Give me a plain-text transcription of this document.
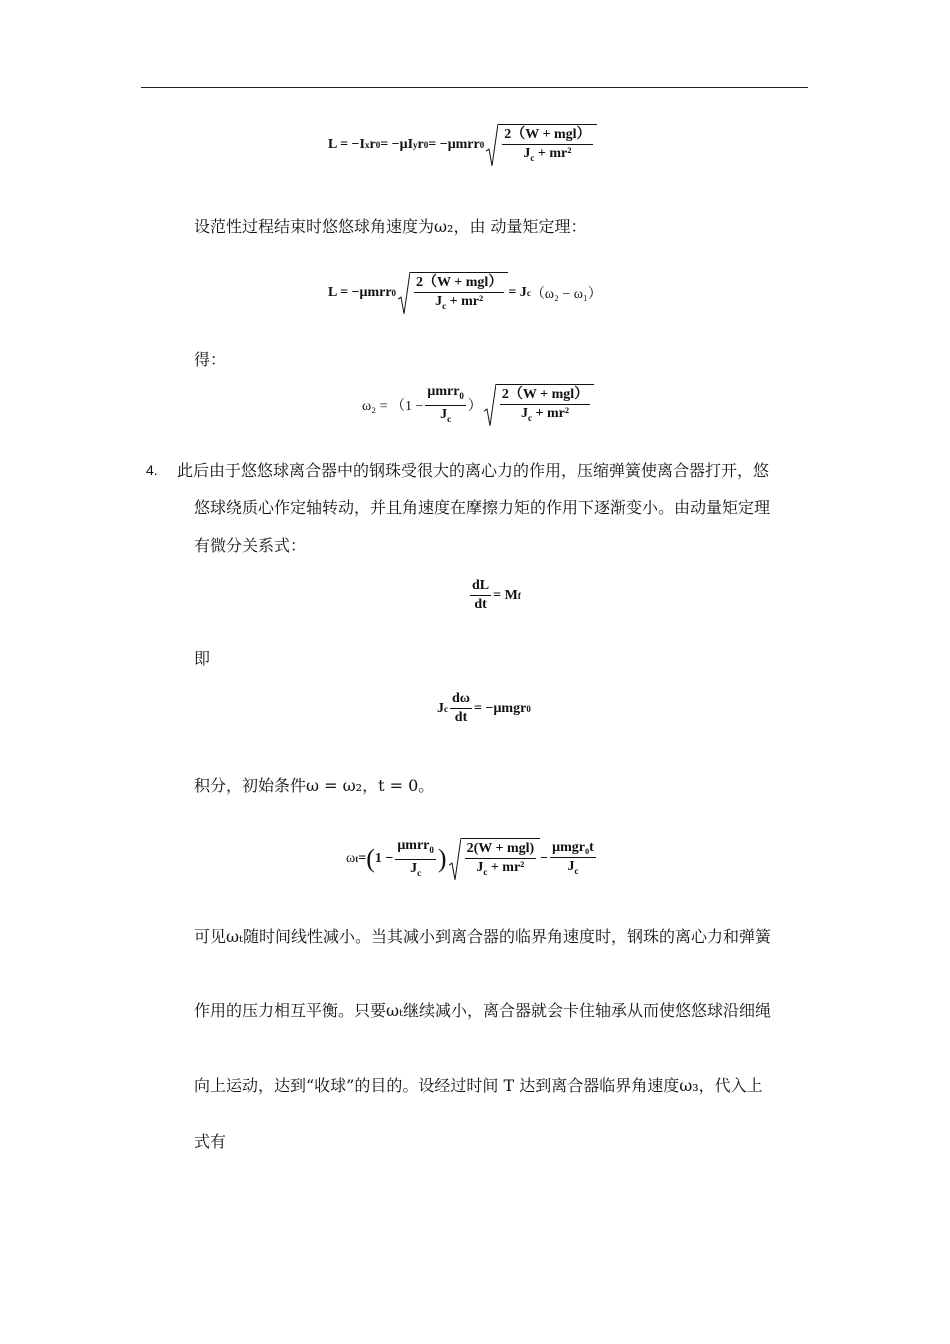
L = −I x r 0 = −μI y r 0 = −μmrr $0 \frac{\text{2（W + mgl）}}{J_c + mr^2}$
设范性过程结束时悠悠球角速度为ω₂，由 动量矩定理：
L = −μmrr $0 \frac{\text{2（W + mgl）}}{J_c + mr^2} = J$ c （ω₂ − ω₁）
得：
$\omega_2 = (1 - \frac{\mu mrr_0}{J_c}$ ） $\frac{\text{2（W + mgl）}}{J_c + mr^2}$
4. 此后由于悠悠球离合器中的钢珠受很大的离心力的作用，压缩弹簧使离合器打开，悠
悠球绕质心作定轴转动，并且角速度在摩擦力矩的作用下逐渐变小。由动量矩定理
有微分关系式：
$\frac{dL}{dt} = M$ f
即
J c $\frac{d\omega}{dt} = -\mu mgr$ 0
积分，初始条件ω = ω₂，t = 0。
ω t = ( $1 - \frac{\mu mrr_0}{J_c}$ ) $\frac{\text{2(W + mgl)}}{J_c + mr^2} - \frac{\text{μmgr₀t}}{J_c}$
可见ωₜ随时间线性减小。当其减小到离合器的临界角速度时，钢珠的离心力和弹簧
作用的压力相互平衡。只要ωₜ继续减小，离合器就会卡住轴承从而使悠悠球沿细绳
向上运动，达到“收球”的目的。设经过时间 T 达到离合器临界角速度ω₃，代入上
式有
